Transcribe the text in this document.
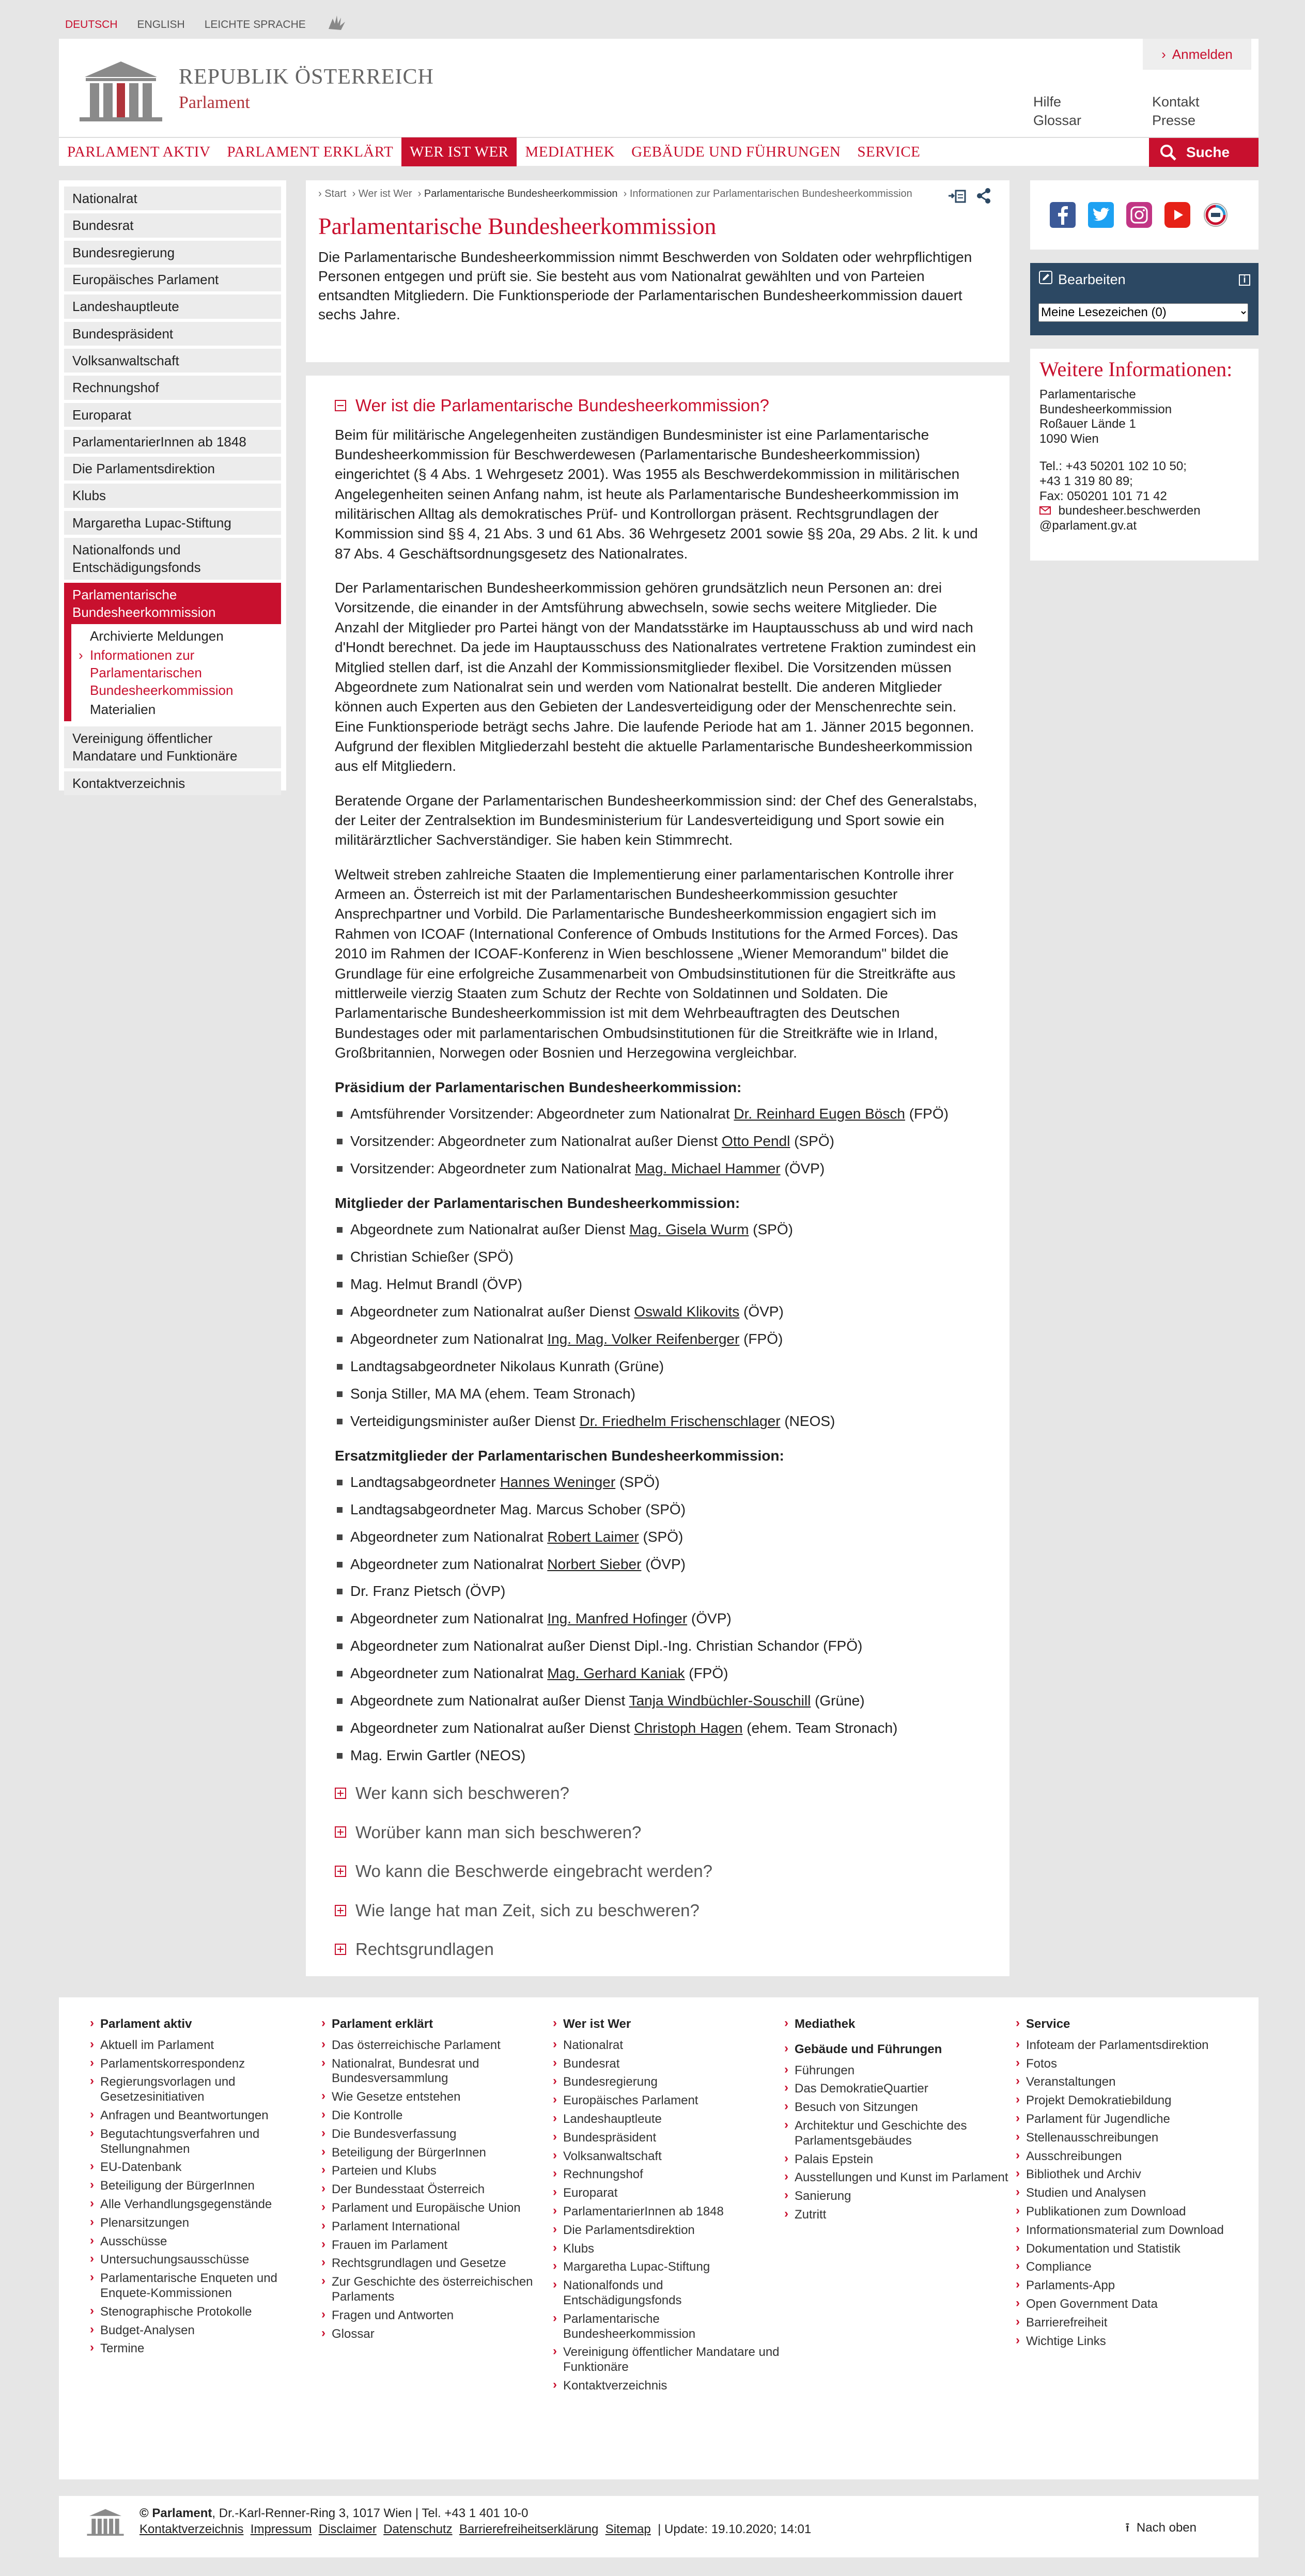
DEUTSCH ENGLISH LEICHTE SPRACHE
REPUBLIK ÖSTERREICH
Parlament
› Anmelden
Hilfe	Kontakt
Glossar	Presse
PARLAMENT AKTIV	PARLAMENT ERKLÄRT	WER IST WER	MEDIATHEK	GEBÄUDE UND FÜHRUNGEN	SERVICE	Suche
Nationalrat
Bundesrat
Bundesregierung
Europäisches Parlament
Landeshauptleute
Bundespräsident
Volksanwaltschaft
Rechnungshof
Europarat
ParlamentarierInnen ab 1848
Die Parlamentsdirektion
Klubs
Margaretha Lupac-Stiftung
Nationalfonds und Entschädigungsfonds
Parlamentarische Bundesheerkommission
Archivierte Meldungen
› Informationen zur Parlamentarischen Bundesheerkommission
Materialien
Vereinigung öffentlicher Mandatare und Funktionäre
Kontaktverzeichnis
› Start  › Wer ist Wer  › Parlamentarische Bundesheerkommission  › Informationen zur Parlamentarischen Bundesheerkommission
Parlamentarische Bundesheerkommission

Die Parlamentarische Bundesheerkommission nimmt Beschwerden von Soldaten oder wehrpflichtigen Personen entgegen und prüft sie. Sie besteht aus vom Nationalrat gewählten und von Parteien entsandten Mitgliedern. Die Funktionsperiode der Parlamentarischen Bundesheerkommission dauert sechs Jahre.

Wer ist die Parlamentarische Bundesheerkommission?

Beim für militärische Angelegenheiten zuständigen Bundesminister ist eine Parlamentarische Bundesheerkommission für Beschwerdewesen (Parlamentarische Bundesheerkommission) eingerichtet (§ 4 Abs. 1 Wehrgesetz 2001). Was 1955 als Beschwerdekommission in militärischen Angelegenheiten seinen Anfang nahm, ist heute als Parlamentarische Bundesheerkommission im militärischen Alltag als demokratisches Prüf- und Kontrollorgan präsent. Rechtsgrundlagen der Kommission sind §§ 4, 21 Abs. 3 und 61 Abs. 36 Wehrgesetz 2001 sowie §§ 20a, 29 Abs. 2 lit. k und 87 Abs. 4 Geschäftsordnungsgesetz des Nationalrates.

Der Parlamentarischen Bundesheerkommission gehören grundsätzlich neun Personen an: drei Vorsitzende, die einander in der Amtsführung abwechseln, sowie sechs weitere Mitglieder. Die Anzahl der Mitglieder pro Partei hängt von der Mandatsstärke im Hauptausschuss ab und wird nach d'Hondt berechnet. Da jede im Hauptausschuss des Nationalrates vertretene Fraktion zumindest ein Mitglied stellen darf, ist die Anzahl der Kommissionsmitglieder flexibel. Die Vorsitzenden müssen Abgeordnete zum Nationalrat sein und werden vom Nationalrat bestellt. Die anderen Mitglieder können auch Experten aus den Gebieten der Landesverteidigung oder der Menschenrechte sein. Eine Funktionsperiode beträgt sechs Jahre. Die laufende Periode hat am 1. Jänner 2015 begonnen. Aufgrund der flexiblen Mitgliederzahl besteht die aktuelle Parlamentarische Bundesheerkommission aus elf Mitgliedern.

Beratende Organe der Parlamentarischen Bundesheerkommission sind: der Chef des Generalstabs, der Leiter der Zentralsektion im Bundesministerium für Landesverteidigung und Sport sowie ein militärärztlicher Sachverständiger. Sie haben kein Stimmrecht.

Weltweit streben zahlreiche Staaten die Implementierung einer parlamentarischen Kontrolle ihrer Armeen an. Österreich ist mit der Parlamentarischen Bundesheerkommission gesuchter Ansprechpartner und Vorbild. Die Parlamentarische Bundesheerkommission engagiert sich im Rahmen von ICOAF (International Conference of Ombuds Institutions for the Armed Forces). Das 2010 im Rahmen der ICOAF-Konferenz in Wien beschlossene „Wiener Memorandum" bildet die Grundlage für eine erfolgreiche Zusammenarbeit von Ombudsinstitutionen für die Streitkräfte aus mittlerweile vierzig Staaten zum Schutz der Rechte von Soldatinnen und Soldaten. Die Parlamentarische Bundesheerkommission ist mit dem Wehrbeauftragten des Deutschen Bundestages oder mit parlamentarischen Ombudsinstitutionen für die Streitkräfte wie in Irland, Großbritannien, Norwegen oder Bosnien und Herzegowina vergleichbar.

Präsidium der Parlamentarischen Bundesheerkommission:
Amtsführender Vorsitzender: Abgeordneter zum Nationalrat Dr. Reinhard Eugen Bösch (FPÖ)
Vorsitzender: Abgeordneter zum Nationalrat außer Dienst Otto Pendl (SPÖ)
Vorsitzender: Abgeordneter zum Nationalrat Mag. Michael Hammer (ÖVP)
Mitglieder der Parlamentarischen Bundesheerkommission:
Abgeordnete zum Nationalrat außer Dienst Mag. Gisela Wurm (SPÖ)
Christian Schießer (SPÖ)
Mag. Helmut Brandl (ÖVP)
Abgeordneter zum Nationalrat außer Dienst Oswald Klikovits (ÖVP)
Abgeordneter zum Nationalrat Ing. Mag. Volker Reifenberger (FPÖ)
Landtagsabgeordneter Nikolaus Kunrath (Grüne)
Sonja Stiller, MA MA (ehem. Team Stronach)
Verteidigungsminister außer Dienst Dr. Friedhelm Frischenschlager (NEOS)
Ersatzmitglieder der Parlamentarischen Bundesheerkommission:
Landtagsabgeordneter Hannes Weninger (SPÖ)
Landtagsabgeordneter Mag. Marcus Schober (SPÖ)
Abgeordneter zum Nationalrat Robert Laimer (SPÖ)
Abgeordneter zum Nationalrat Norbert Sieber (ÖVP)
Dr. Franz Pietsch (ÖVP)
Abgeordneter zum Nationalrat Ing. Manfred Hofinger (ÖVP)
Abgeordneter zum Nationalrat außer Dienst Dipl.-Ing. Christian Schandor (FPÖ)
Abgeordneter zum Nationalrat Mag. Gerhard Kaniak (FPÖ)
Abgeordnete zum Nationalrat außer Dienst Tanja Windbüchler-Souschill (Grüne)
Abgeordneter zum Nationalrat außer Dienst Christoph Hagen (ehem. Team Stronach)
Mag. Erwin Gartler (NEOS)
Wer kann sich beschweren?
Worüber kann man sich beschweren?
Wo kann die Beschwerde eingebracht werden?
Wie lange hat man Zeit, sich zu beschweren?
Rechtsgrundlagen
Bearbeiten	i
Meine Lesezeichen (0)
Weitere Informationen:
Parlamentarische
Bundesheerkommission
Roßauer Lände 1
1090 Wien
Tel.: +43 50201 102 10 50;
+43 1 319 80 89;
Fax: 050201 101 71 42
bundesheer.beschwerden
@parlament.gv.at
› Parlament aktiv
› Aktuell im Parlament
› Parlamentskorrespondenz
› Regierungsvorlagen und Gesetzesinitiativen
› Anfragen und Beantwortungen
› Begutachtungsverfahren und Stellungnahmen
› EU-Datenbank
› Beteiligung der BürgerInnen
› Alle Verhandlungsgegenstände
› Plenarsitzungen
› Ausschüsse
› Untersuchungsausschüsse
› Parlamentarische Enqueten und Enquete-Kommissionen
› Stenographische Protokolle
› Budget-Analysen
› Termine
› Parlament erklärt
› Das österreichische Parlament
› Nationalrat, Bundesrat und Bundesversammlung
› Wie Gesetze entstehen
› Die Kontrolle
› Die Bundesverfassung
› Beteiligung der BürgerInnen
› Parteien und Klubs
› Der Bundesstaat Österreich
› Parlament und Europäische Union
› Parlament International
› Frauen im Parlament
› Rechtsgrundlagen und Gesetze
› Zur Geschichte des österreichischen Parlaments
› Fragen und Antworten
› Glossar
› Wer ist Wer
› Nationalrat
› Bundesrat
› Bundesregierung
› Europäisches Parlament
› Landeshauptleute
› Bundespräsident
› Volksanwaltschaft
› Rechnungshof
› Europarat
› ParlamentarierInnen ab 1848
› Die Parlamentsdirektion
› Klubs
› Margaretha Lupac-Stiftung
› Nationalfonds und Entschädigungsfonds
› Parlamentarische Bundesheerkommission
› Vereinigung öffentlicher Mandatare und Funktionäre
› Kontaktverzeichnis
› Mediathek
› Gebäude und Führungen
› Führungen
› Das DemokratieQuartier
› Besuch von Sitzungen
› Architektur und Geschichte des Parlamentsgebäudes
› Palais Epstein
› Ausstellungen und Kunst im Parlament
› Sanierung
› Zutritt
› Service
› Infoteam der Parlamentsdirektion
› Fotos
› Veranstaltungen
› Projekt Demokratiebildung
› Parlament für Jugendliche
› Stellenausschreibungen
› Ausschreibungen
› Bibliothek und Archiv
› Studien und Analysen
› Publikationen zum Download
› Informationsmaterial zum Download
› Dokumentation und Statistik
› Compliance
› Parlaments-App
› Open Government Data
› Barrierefreiheit
› Wichtige Links
© Parlament, Dr.-Karl-Renner-Ring 3, 1017 Wien | Tel. +43 1 401 10-0
Kontaktverzeichnis Impressum Disclaimer Datenschutz Barrierefreiheitserklärung Sitemap | Update: 19.10.2020; 14:01	⭱ Nach oben
